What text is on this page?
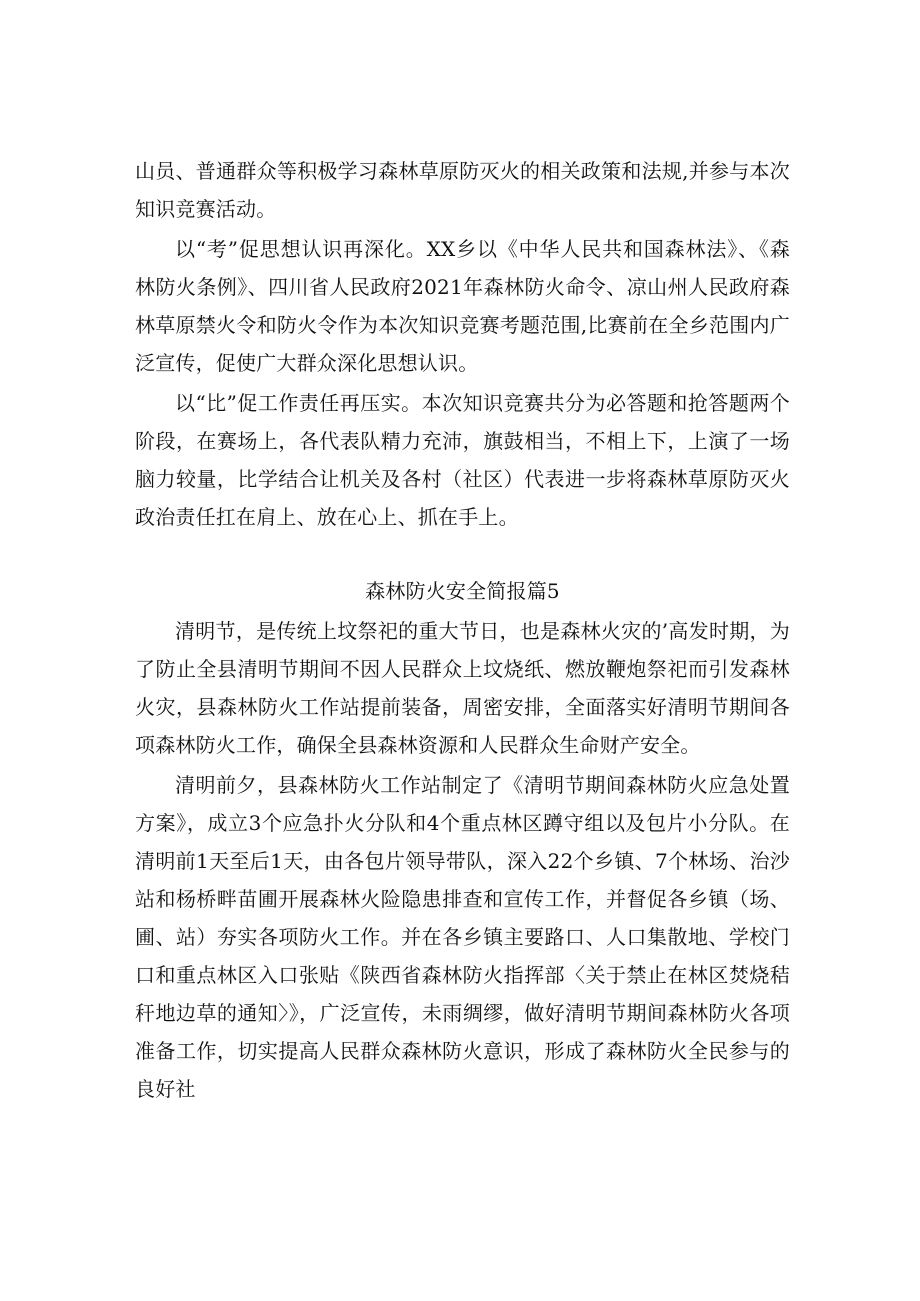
山员、普通群众等积极学习森林草原防灭火的相关政策和法规,并参与本次知识竞赛活动。

以“考”促思想认识再深化。XX乡以《中华人民共和国森林法》、《森林防火条例》、四川省人民政府2021年森林防火命令、凉山州人民政府森林草原禁火令和防火令作为本次知识竞赛考题范围,比赛前在全乡范围内广泛宣传，促使广大群众深化思想认识。

以“比”促工作责任再压实。本次知识竞赛共分为必答题和抢答题两个阶段，在赛场上，各代表队精力充沛，旗鼓相当，不相上下，上演了一场脑力较量，比学结合让机关及各村（社区）代表进一步将森林草原防灭火政治责任扛在肩上、放在心上、抓在手上。

森林防火安全简报篇5

清明节，是传统上坟祭祀的重大节日，也是森林火灾的’高发时期，为了防止全县清明节期间不因人民群众上坟烧纸、燃放鞭炮祭祀而引发森林火灾，县森林防火工作站提前装备，周密安排，全面落实好清明节期间各项森林防火工作，确保全县森林资源和人民群众生命财产安全。

清明前夕，县森林防火工作站制定了《清明节期间森林防火应急处置方案》，成立3个应急扑火分队和4个重点林区蹲守组以及包片小分队。在清明前1天至后1天，由各包片领导带队，深入22个乡镇、7个林场、治沙站和杨桥畔苗圃开展森林火险隐患排查和宣传工作，并督促各乡镇（场、圃、站）夯实各项防火工作。并在各乡镇主要路口、人口集散地、学校门口和重点林区入口张贴《陕西省森林防火指挥部〈关于禁止在林区焚烧秸秆地边草的通知〉》，广泛宣传，未雨绸缪，做好清明节期间森林防火各项准备工作，切实提高人民群众森林防火意识，形成了森林防火全民参与的良好社
